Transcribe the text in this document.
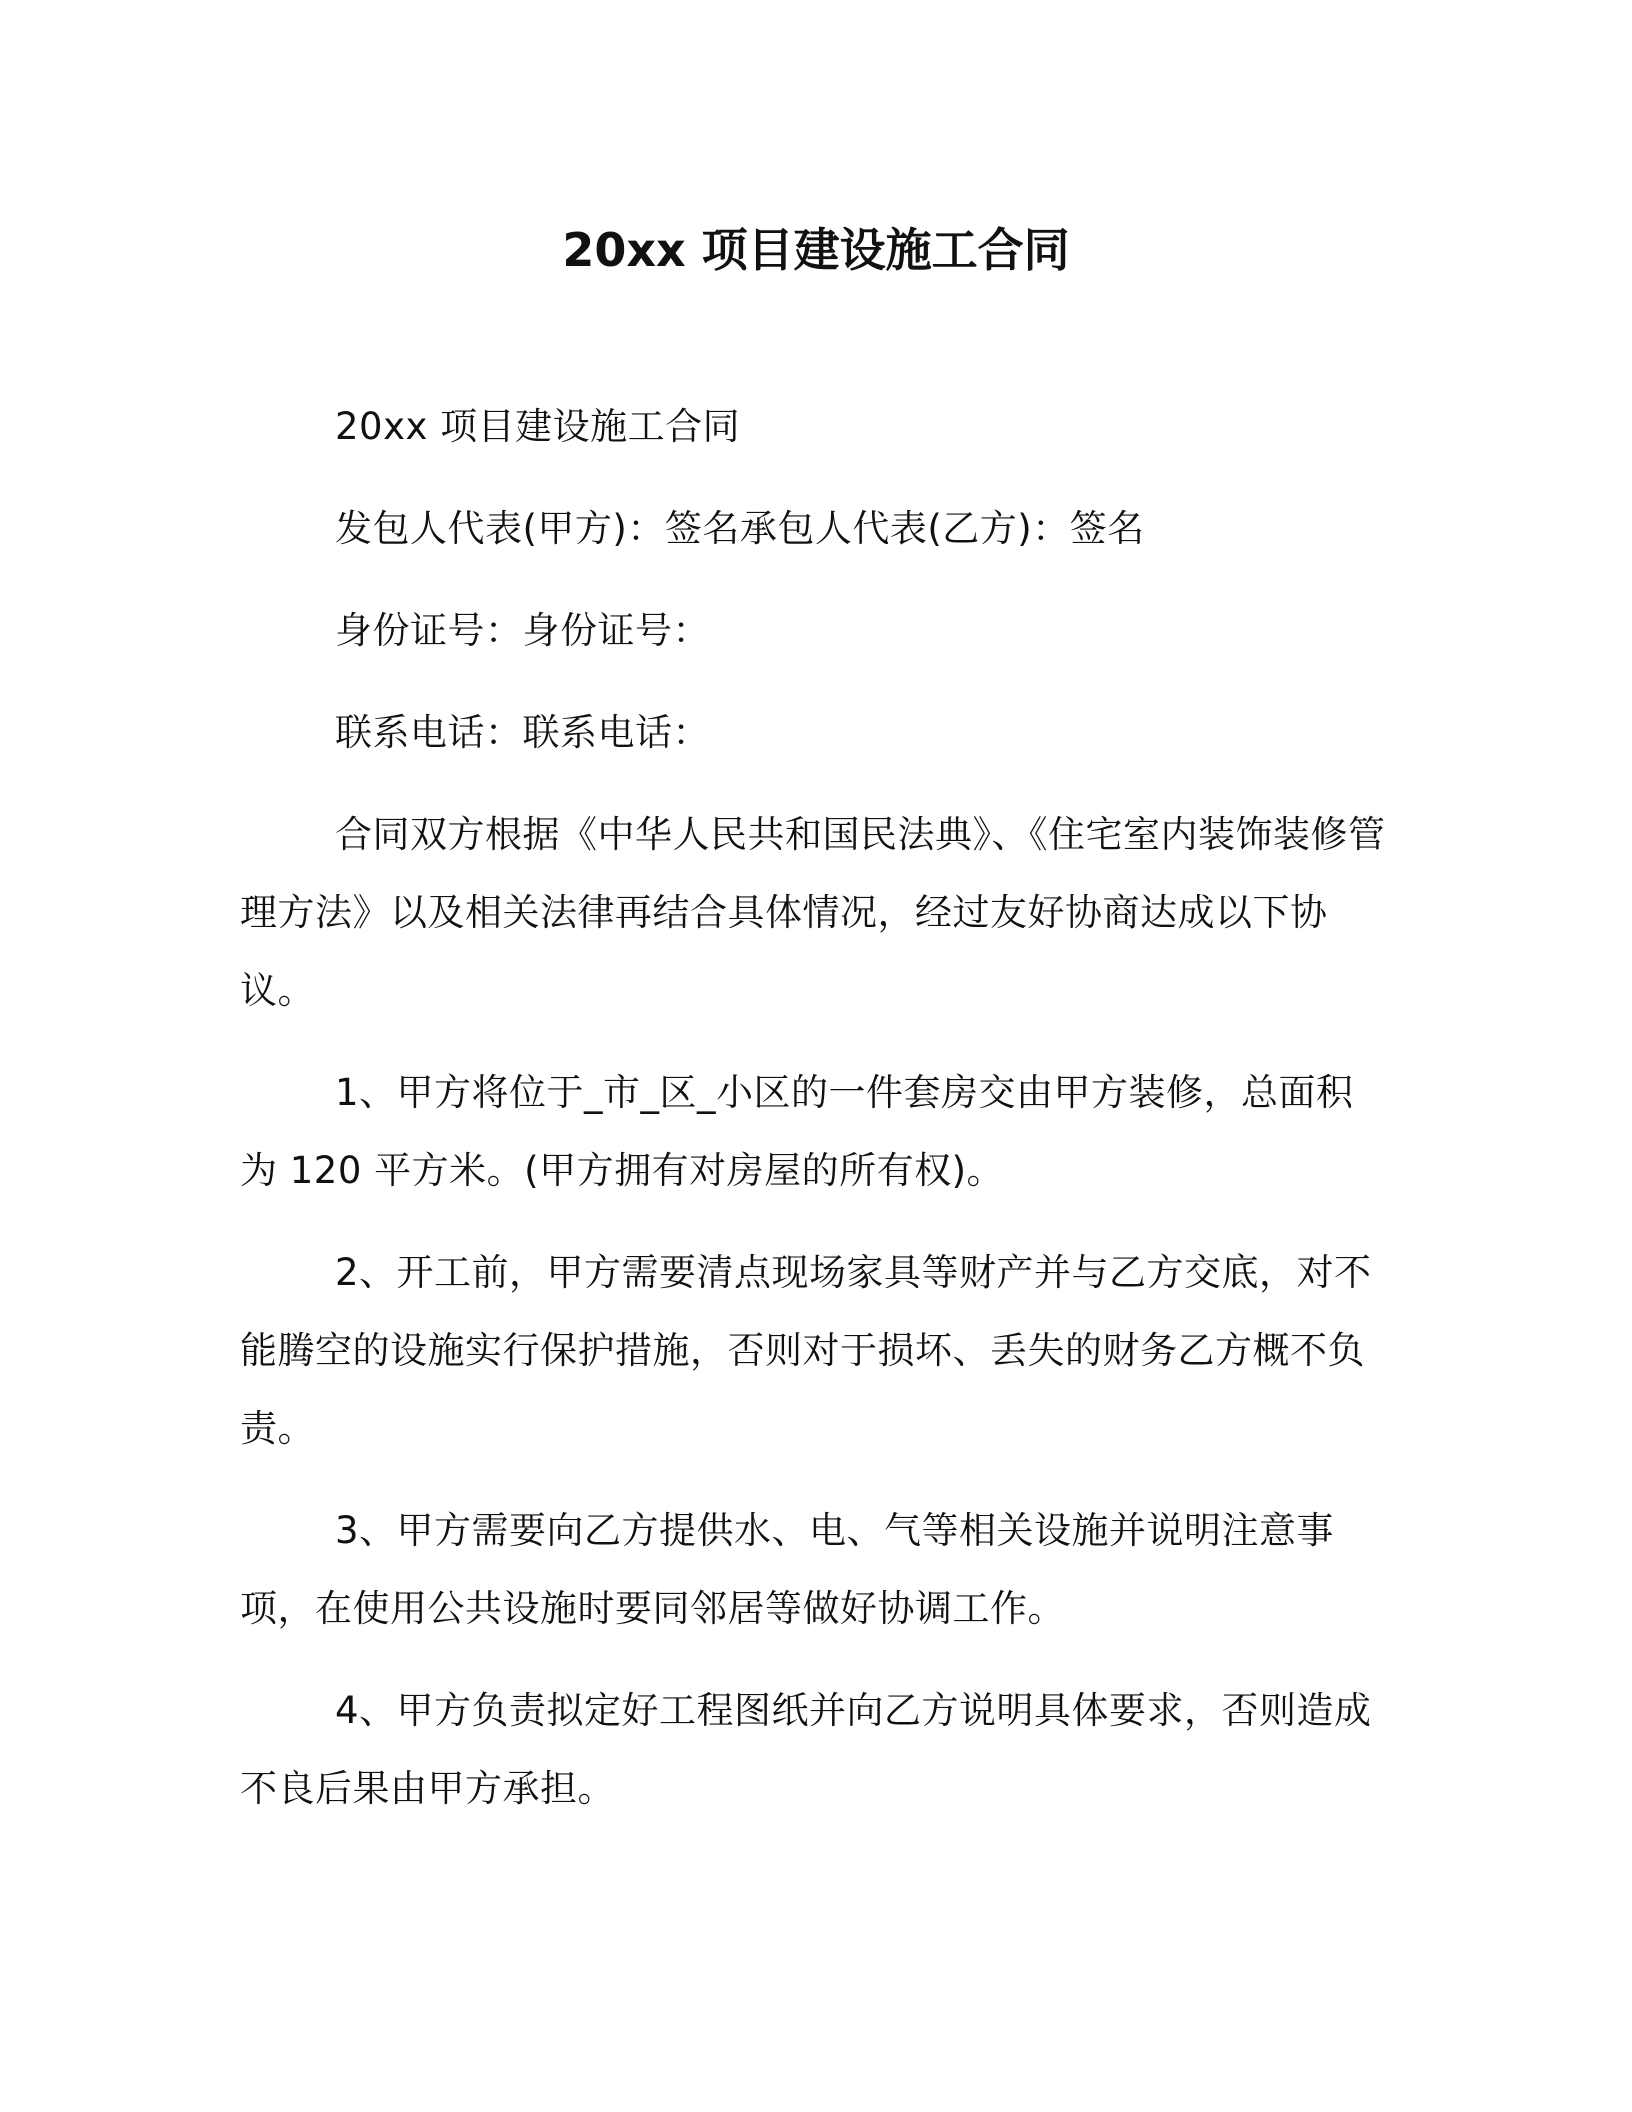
20xx 项目建设施工合同

20xx 项目建设施工合同

发包人代表(甲方)：签名承包人代表(乙方)：签名

身份证号：身份证号：

联系电话：联系电话：

合同双方根据《中华人民共和国民法典》、《住宅室内装饰装修管理方法》以及相关法律再结合具体情况，经过友好协商达成以下协议。

1、甲方将位于_市_区_小区的一件套房交由甲方装修，总面积为 120 平方米。(甲方拥有对房屋的所有权)。

2、开工前，甲方需要清点现场家具等财产并与乙方交底，对不能腾空的设施实行保护措施，否则对于损坏、丢失的财务乙方概不负责。

3、甲方需要向乙方提供水、电、气等相关设施并说明注意事项，在使用公共设施时要同邻居等做好协调工作。

4、甲方负责拟定好工程图纸并向乙方说明具体要求，否则造成不良后果由甲方承担。
